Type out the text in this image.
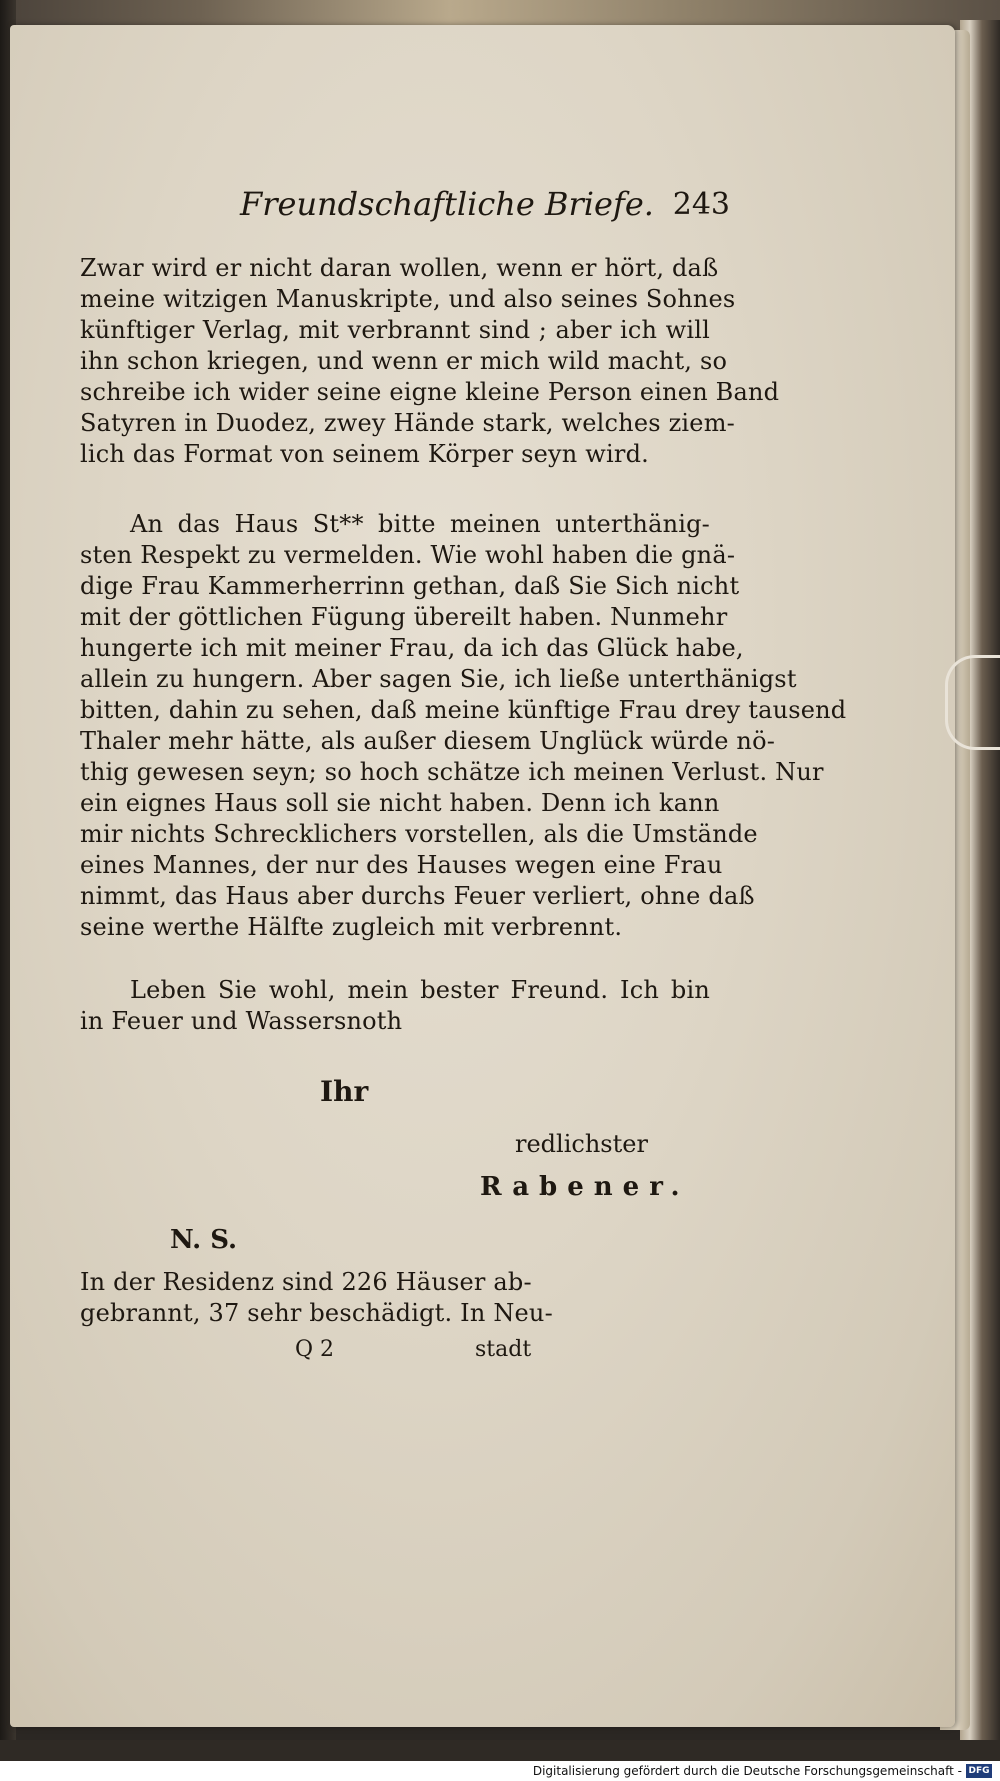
Freundschaftliche Briefe. 243
Zwar wird er nicht daran wollen, wenn er hört, daß
meine witzigen Manuskripte, und also seines Sohnes
künftiger Verlag, mit verbrannt sind ; aber ich will
ihn schon kriegen, und wenn er mich wild macht, so
schreibe ich wider seine eigne kleine Person einen Band
Satyren in Duodez, zwey Hände stark, welches ziem-
lich das Format von seinem Körper seyn wird.
An das Haus St** bitte meinen unterthänig-
sten Respekt zu vermelden. Wie wohl haben die gnä-
dige Frau Kammerherrinn gethan, daß Sie Sich nicht
mit der göttlichen Fügung übereilt haben. Nunmehr
hungerte ich mit meiner Frau, da ich das Glück habe,
allein zu hungern. Aber sagen Sie, ich ließe unterthänigst
bitten, dahin zu sehen, daß meine künftige Frau drey tausend
Thaler mehr hätte, als außer diesem Unglück würde nö-
thig gewesen seyn; so hoch schätze ich meinen Verlust. Nur
ein eignes Haus soll sie nicht haben. Denn ich kann
mir nichts Schrecklichers vorstellen, als die Umstände
eines Mannes, der nur des Hauses wegen eine Frau
nimmt, das Haus aber durchs Feuer verliert, ohne daß
seine werthe Hälfte zugleich mit verbrennt.
Leben Sie wohl, mein bester Freund. Ich bin
in Feuer und Wassersnoth
Ihr
redlichster
Rabener.
N. S.
In der Residenz sind 226 Häuser ab-
gebrannt, 37 sehr beschädigt. In Neu-
Q 2	stadt
Digitalisierung gefördert durch die Deutsche Forschungsgemeinschaft - DFG
